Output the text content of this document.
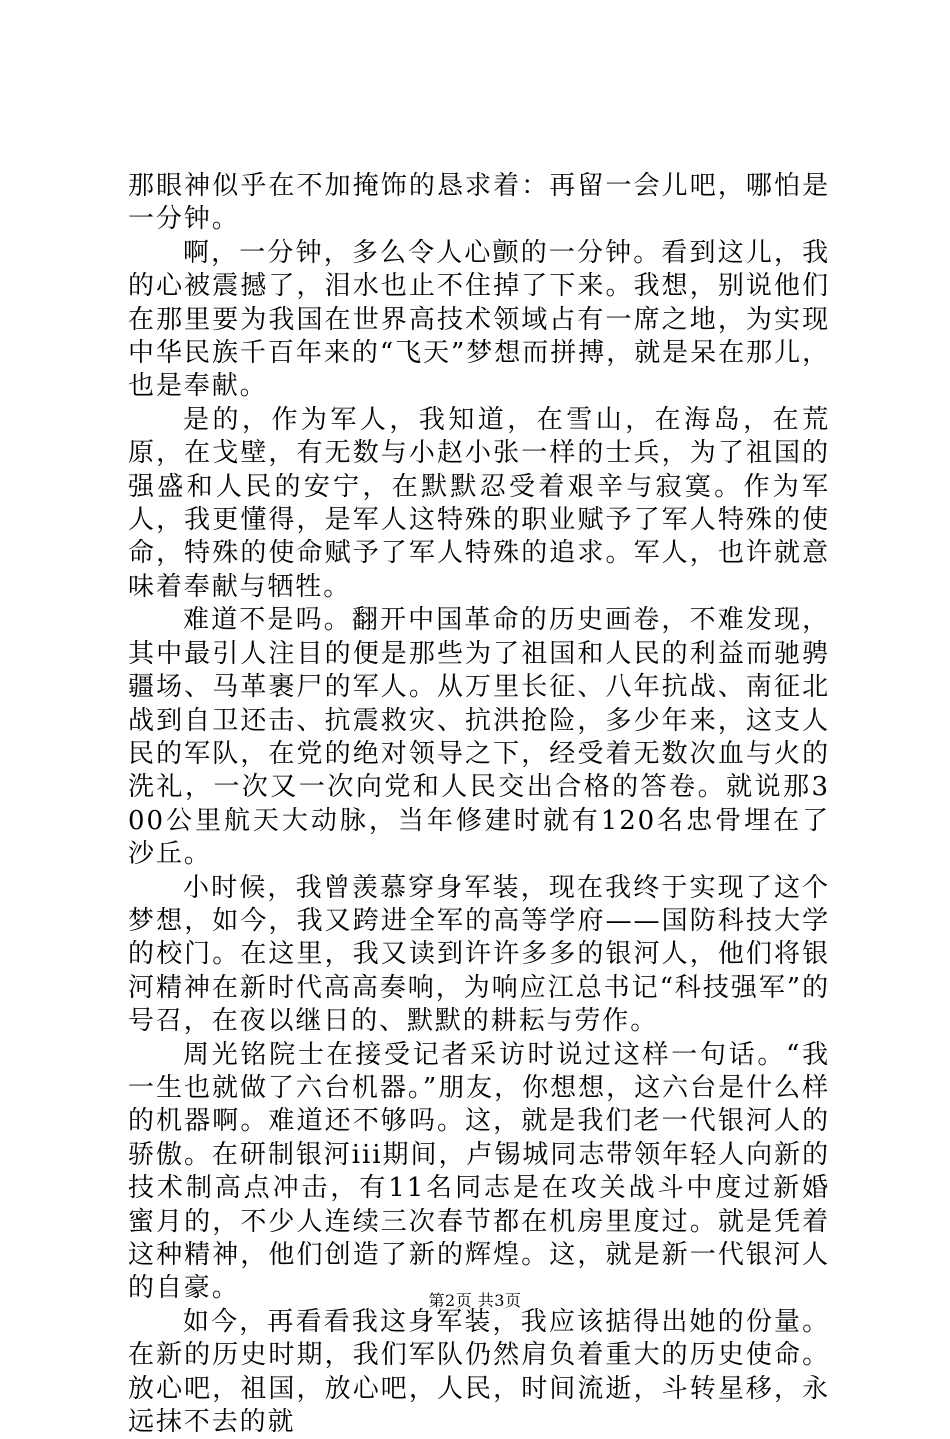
那眼神似乎在不加掩饰的恳求着：再留一会儿吧，哪怕是一分钟。

啊，一分钟，多么令人心颤的一分钟。看到这儿，我的心被震撼了，泪水也止不住掉了下来。我想，别说他们在那里要为我国在世界高技术领域占有一席之地，为实现中华民族千百年来的“飞天”梦想而拼搏，就是呆在那儿，也是奉献。

是的，作为军人，我知道，在雪山，在海岛，在荒原，在戈壁，有无数与小赵小张一样的士兵，为了祖国的强盛和人民的安宁，在默默忍受着艰辛与寂寞。作为军人，我更懂得，是军人这特殊的职业赋予了军人特殊的使命，特殊的使命赋予了军人特殊的追求。军人，也许就意味着奉献与牺牲。

难道不是吗。翻开中国革命的历史画卷，不难发现，其中最引人注目的便是那些为了祖国和人民的利益而驰骋疆场、马革裹尸的军人。从万里长征、八年抗战、南征北战到自卫还击、抗震救灾、抗洪抢险，多少年来，这支人民的军队，在党的绝对领导之下，经受着无数次血与火的洗礼，一次又一次向党和人民交出合格的答卷。就说那300公里航天大动脉，当年修建时就有120名忠骨埋在了沙丘。

小时候，我曾羡慕穿身军装，现在我终于实现了这个梦想，如今，我又跨进全军的高等学府——国防科技大学的校门。在这里，我又读到许许多多的银河人，他们将银河精神在新时代高高奏响，为响应江总书记“科技强军”的号召，在夜以继日的、默默的耕耘与劳作。

周光铭院士在接受记者采访时说过这样一句话。“我一生也就做了六台机器。”朋友，你想想，这六台是什么样的机器啊。难道还不够吗。这，就是我们老一代银河人的骄傲。在研制银河iii期间，卢锡城同志带领年轻人向新的技术制高点冲击，有11名同志是在攻关战斗中度过新婚蜜月的，不少人连续三次春节都在机房里度过。就是凭着这种精神，他们创造了新的辉煌。这，就是新一代银河人的自豪。

如今，再看看我这身军装，我应该掂得出她的份量。在新的历史时期，我们军队仍然肩负着重大的历史使命。放心吧，祖国，放心吧，人民，时间流逝，斗转星移，永远抹不去的就

第2页 共3页
